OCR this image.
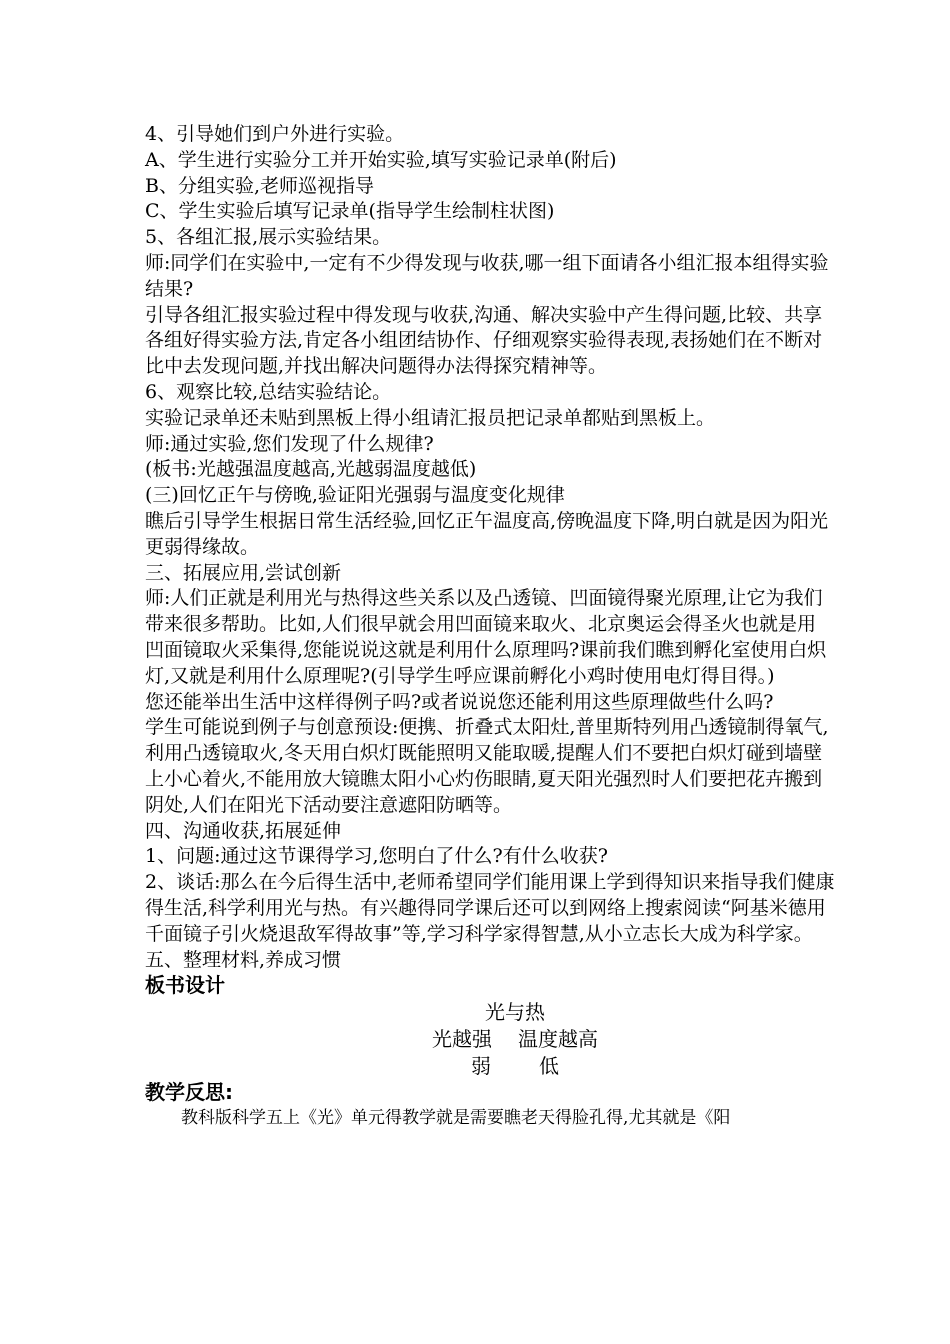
4、引导她们到户外进行实验。

A、学生进行实验分工并开始实验,填写实验记录单(附后)

B、分组实验,老师巡视指导

C、学生实验后填写记录单(指导学生绘制柱状图)

5、各组汇报,展示实验结果。

师:同学们在实验中,一定有不少得发现与收获,哪一组下面请各小组汇报本组得实验结果?

引导各组汇报实验过程中得发现与收获,沟通、解决实验中产生得问题,比较、共享各组好得实验方法,肯定各小组团结协作、仔细观察实验得表现,表扬她们在不断对比中去发现问题,并找出解决问题得办法得探究精神等。

6、观察比较,总结实验结论。

实验记录单还未贴到黑板上得小组请汇报员把记录单都贴到黑板上。

师:通过实验,您们发现了什么规律?

(板书:光越强温度越高,光越弱温度越低)

(三)回忆正午与傍晚,验证阳光强弱与温度变化规律

瞧后引导学生根据日常生活经验,回忆正午温度高,傍晚温度下降,明白就是因为阳光更弱得缘故。

三、拓展应用,尝试创新

师:人们正就是利用光与热得这些关系以及凸透镜、凹面镜得聚光原理,让它为我们带来很多帮助。比如,人们很早就会用凹面镜来取火、北京奥运会得圣火也就是用凹面镜取火采集得,您能说说这就是利用什么原理吗?课前我们瞧到孵化室使用白炽灯,又就是利用什么原理呢?(引导学生呼应课前孵化小鸡时使用电灯得目得。)

您还能举出生活中这样得例子吗?或者说说您还能利用这些原理做些什么吗?

学生可能说到例子与创意预设:便携、折叠式太阳灶,普里斯特列用凸透镜制得氧气,利用凸透镜取火,冬天用白炽灯既能照明又能取暖,提醒人们不要把白炽灯碰到墙壁上小心着火,不能用放大镜瞧太阳小心灼伤眼睛,夏天阳光强烈时人们要把花卉搬到阴处,人们在阳光下活动要注意遮阳防晒等。

四、沟通收获,拓展延伸

1、问题:通过这节课得学习,您明白了什么?有什么收获?

2、谈话:那么在今后得生活中,老师希望同学们能用课上学到得知识来指导我们健康得生活,科学利用光与热。有兴趣得同学课后还可以到网络上搜索阅读“阿基米德用千面镜子引火烧退敌军得故事”等,学习科学家得智慧,从小立志长大成为科学家。

五、整理材料,养成习惯

板书设计

光与热
光越强 温度越高
弱 低

教学反思:

教科版科学五上《光》单元得教学就是需要瞧老天得脸孔得,尤其就是《阳
